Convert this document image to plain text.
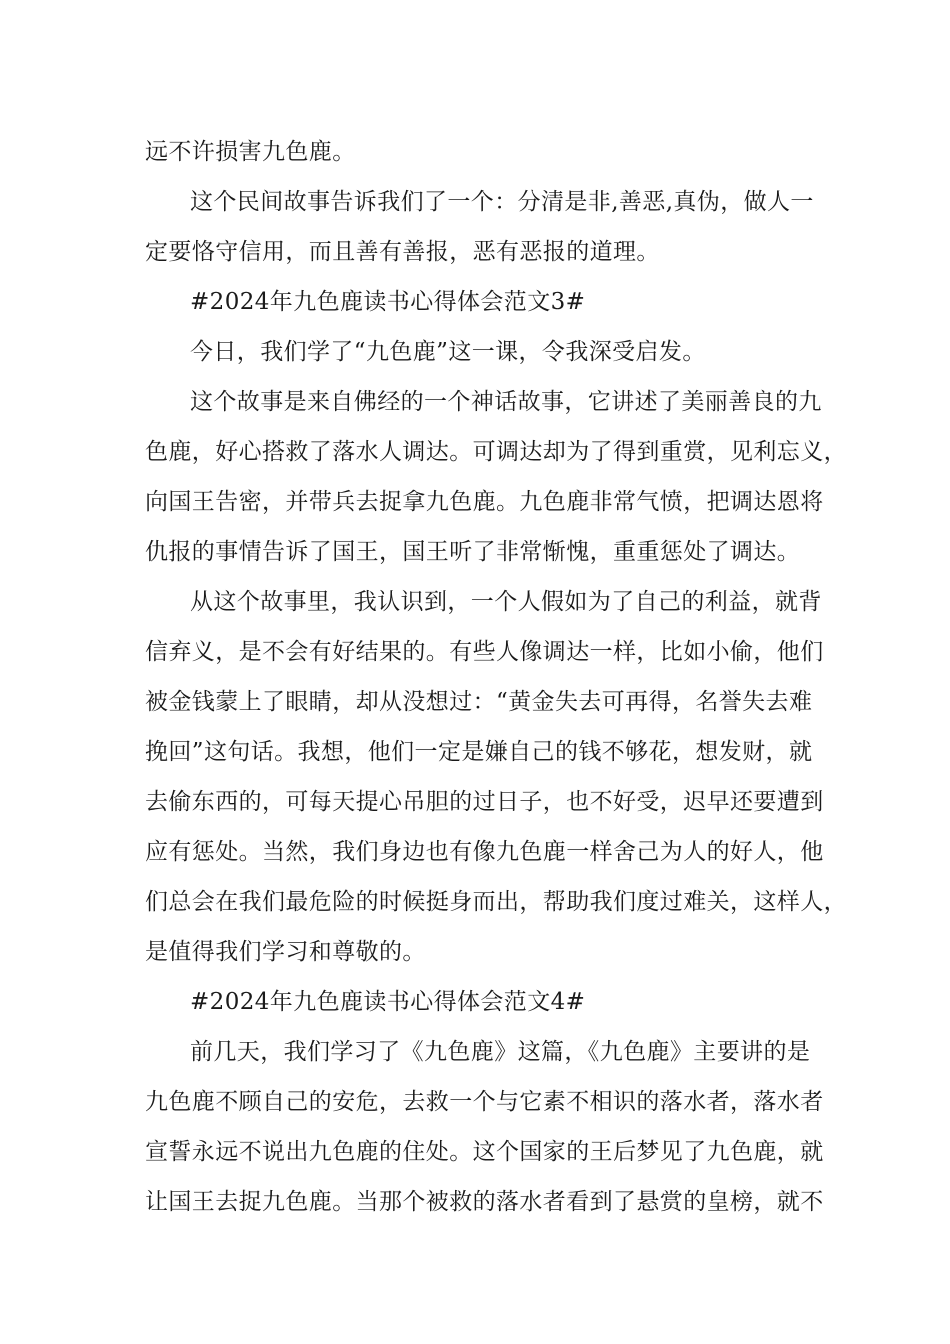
远不许损害九色鹿。

这个民间故事告诉我们了一个：分清是非,善恶,真伪，做人一

定要恪守信用，而且善有善报，恶有恶报的道理。

#2024年九色鹿读书心得体会范文3#

今日，我们学了“九色鹿”这一课，令我深受启发。

这个故事是来自佛经的一个神话故事，它讲述了美丽善良的九

色鹿，好心搭救了落水人调达。可调达却为了得到重赏，见利忘义，

向国王告密，并带兵去捉拿九色鹿。九色鹿非常气愤，把调达恩将

仇报的事情告诉了国王，国王听了非常惭愧，重重惩处了调达。

从这个故事里，我认识到，一个人假如为了自己的利益，就背

信弃义，是不会有好结果的。有些人像调达一样，比如小偷，他们

被金钱蒙上了眼睛，却从没想过：“黄金失去可再得，名誉失去难

挽回”这句话。我想，他们一定是嫌自己的钱不够花，想发财，就

去偷东西的，可每天提心吊胆的过日子，也不好受，迟早还要遭到

应有惩处。当然，我们身边也有像九色鹿一样舍己为人的好人，他

们总会在我们最危险的时候挺身而出，帮助我们度过难关，这样人，

是值得我们学习和尊敬的。

#2024年九色鹿读书心得体会范文4#

前几天，我们学习了《九色鹿》这篇，《九色鹿》主要讲的是

九色鹿不顾自己的安危，去救一个与它素不相识的落水者，落水者

宣誓永远不说出九色鹿的住处。这个国家的王后梦见了九色鹿，就

让国王去捉九色鹿。当那个被救的落水者看到了悬赏的皇榜，就不
